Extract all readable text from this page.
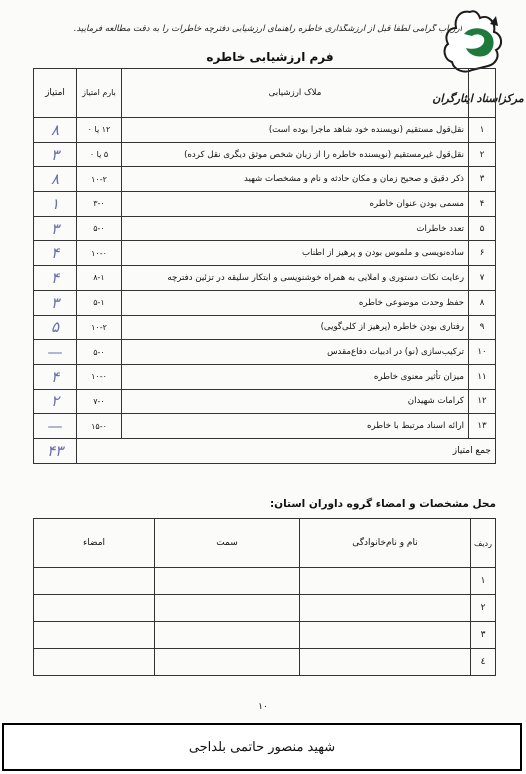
مرکزاسناد ایثارگران
ارزیاب گرامی لطفاً قبل از ارزشگذاری خاطره راهنمای ارزشیابی دفترچه خاطرات را به دقت مطالعه فرمایید.
فرم ارزشیابی خاطره
	ملاک ارزشیابی	بارم امتیاز	امتیاز
۱	نقل‌قول مستقیم (نویسنده خود شاهد ماجرا بوده است)	۱۲ یا ۰	۸
۲	نقل‌قول غیرمستقیم (نویسنده خاطره را از زبان شخص موثق دیگری نقل کرده)	۵ یا ۰	۳
۳	ذکر دقیق و صحیح زمان و مکان حادثه و نام و مشخصات شهید	۱۰-۲	۸
۴	مسمی بودن عنوان خاطره	۳-۰	۱
۵	تعدد خاطرات	۵-۰	۳
۶	ساده‌نویسی و ملموس بودن و پرهیز از اطناب	۱۰-۰	۴
۷	رعایت نکات دستوری و املایی به همراه خوشنویسی و ابتکار سلیقه در تزئین دفترچه	۸-۱	۴
۸	حفظ وحدت موضوعی خاطره	۵-۱	۳
۹	رفتاری بودن خاطره (پرهیز از کلی‌گویی)	۱۰-۲	۵
۱۰	ترکیب‌سازی (نو) در ادبیات دفاع‌مقدس	۵-۰	—
۱۱	میزان تأثیر معنوی خاطره	۱۰-۰	۴
۱۲	کرامات شهیدان	۷-۰	۲
۱۳	ارائه اسناد مرتبط با خاطره	۱۵-۰	—
جمع امتیاز			۴۳
محل مشخصات و امضاء گروه داوران استان:
ردیف	نام و نام‌خانوادگی	سمت	امضاء
۱			
۲			
۳			
٤			
۱۰
شهید منصور حاتمی بلداجی
